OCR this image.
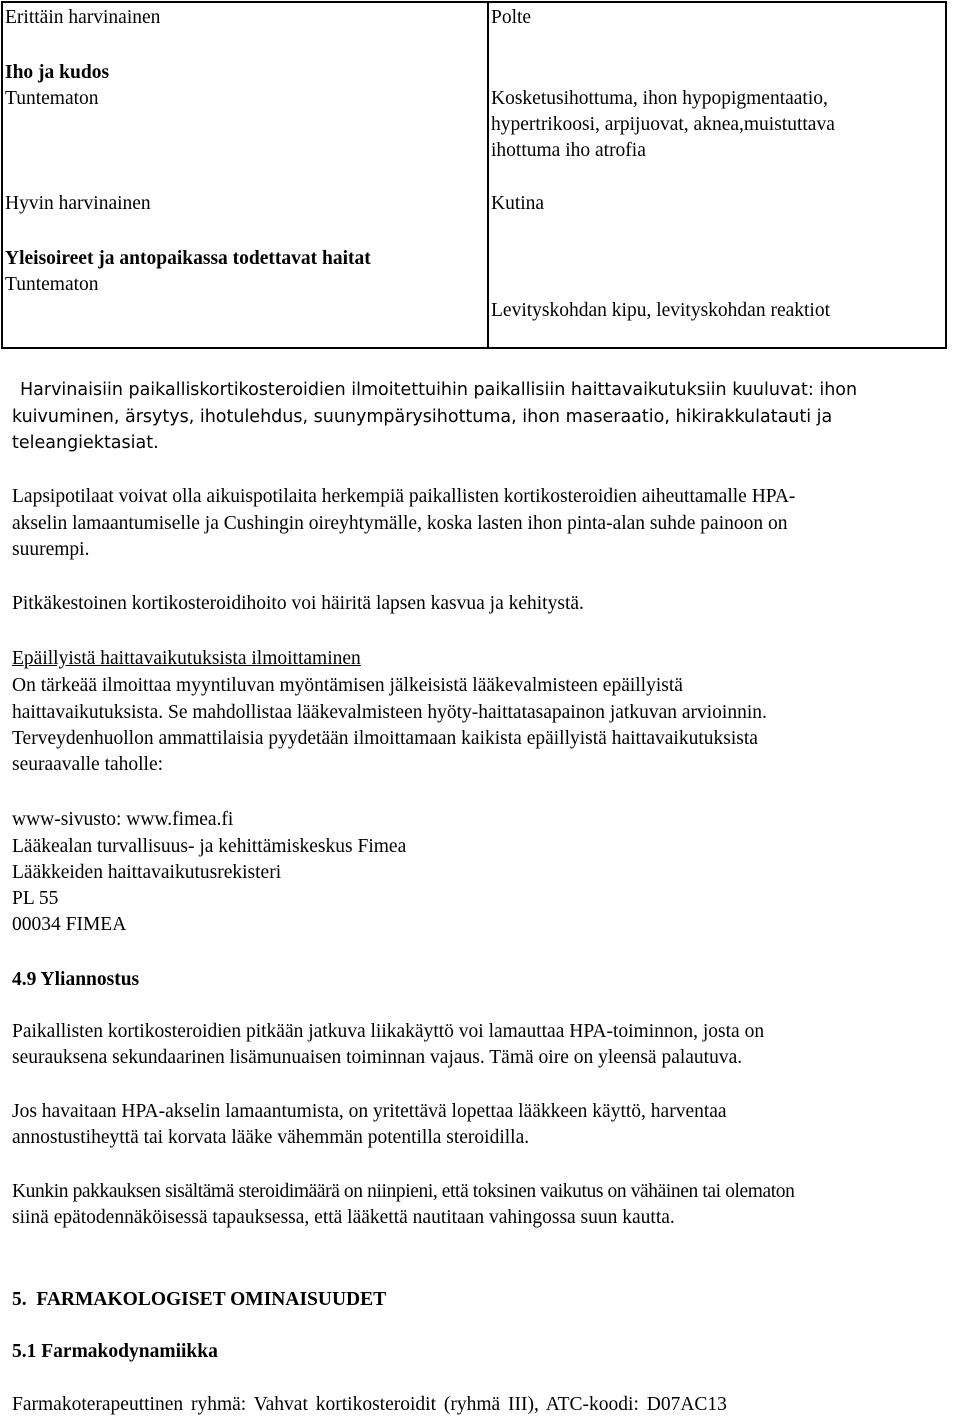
Erittäin harvinainen
Iho ja kudos
Tuntematon
Hyvin harvinainen
Yleisoireet ja antopaikassa todettavat haitat
Tuntematon
Polte
Kosketusihottuma, ihon hypopigmentaatio,
hypertrikoosi, arpijuovat, aknea,muistuttava
ihottuma iho atrofia
Kutina
Levityskohdan kipu, levityskohdan reaktiot
Harvinaisiin paikalliskortikosteroidien ilmoitettuihin paikallisiin haittavaikutuksiin kuuluvat: ihon
kuivuminen, ärsytys, ihotulehdus, suunympärysihottuma, ihon maseraatio, hikirakkulatauti ja
teleangiektasiat.
Lapsipotilaat voivat olla aikuispotilaita herkempiä paikallisten kortikosteroidien aiheuttamalle HPA-
akselin lamaantumiselle ja Cushingin oireyhtymälle, koska lasten ihon pinta-alan suhde painoon on
suurempi.
Pitkäkestoinen kortikosteroidihoito voi häiritä lapsen kasvua ja kehitystä.
Epäillyistä haittavaikutuksista ilmoittaminen
On tärkeää ilmoittaa myyntiluvan myöntämisen jälkeisistä lääkevalmisteen epäillyistä
haittavaikutuksista. Se mahdollistaa lääkevalmisteen hyöty-haittatasapainon jatkuvan arvioinnin.
Terveydenhuollon ammattilaisia pyydetään ilmoittamaan kaikista epäillyistä haittavaikutuksista
seuraavalle taholle:
www-sivusto: www.fimea.fi
Lääkealan turvallisuus- ja kehittämiskeskus Fimea
Lääkkeiden haittavaikutusrekisteri
PL 55
00034 FIMEA
4.9 Yliannostus
Paikallisten kortikosteroidien pitkään jatkuva liikakäyttö voi lamauttaa HPA-toiminnon, josta on
seurauksena sekundaarinen lisämunuaisen toiminnan vajaus. Tämä oire on yleensä palautuva.
Jos havaitaan HPA-akselin lamaantumista, on yritettävä lopettaa lääkkeen käyttö, harventaa
annostustiheyttä tai korvata lääke vähemmän potentilla steroidilla.
Kunkin pakkauksen sisältämä steroidimäärä on niinpieni, että toksinen vaikutus on vähäinen tai olematon
siinä epätodennäköisessä tapauksessa, että lääkettä nautitaan vahingossa suun kautta.
5.  FARMAKOLOGISET OMINAISUUDET
5.1 Farmakodynamiikka
Farmakoterapeuttinen ryhmä: Vahvat kortikosteroidit (ryhmä III), ATC-koodi: D07AC13
